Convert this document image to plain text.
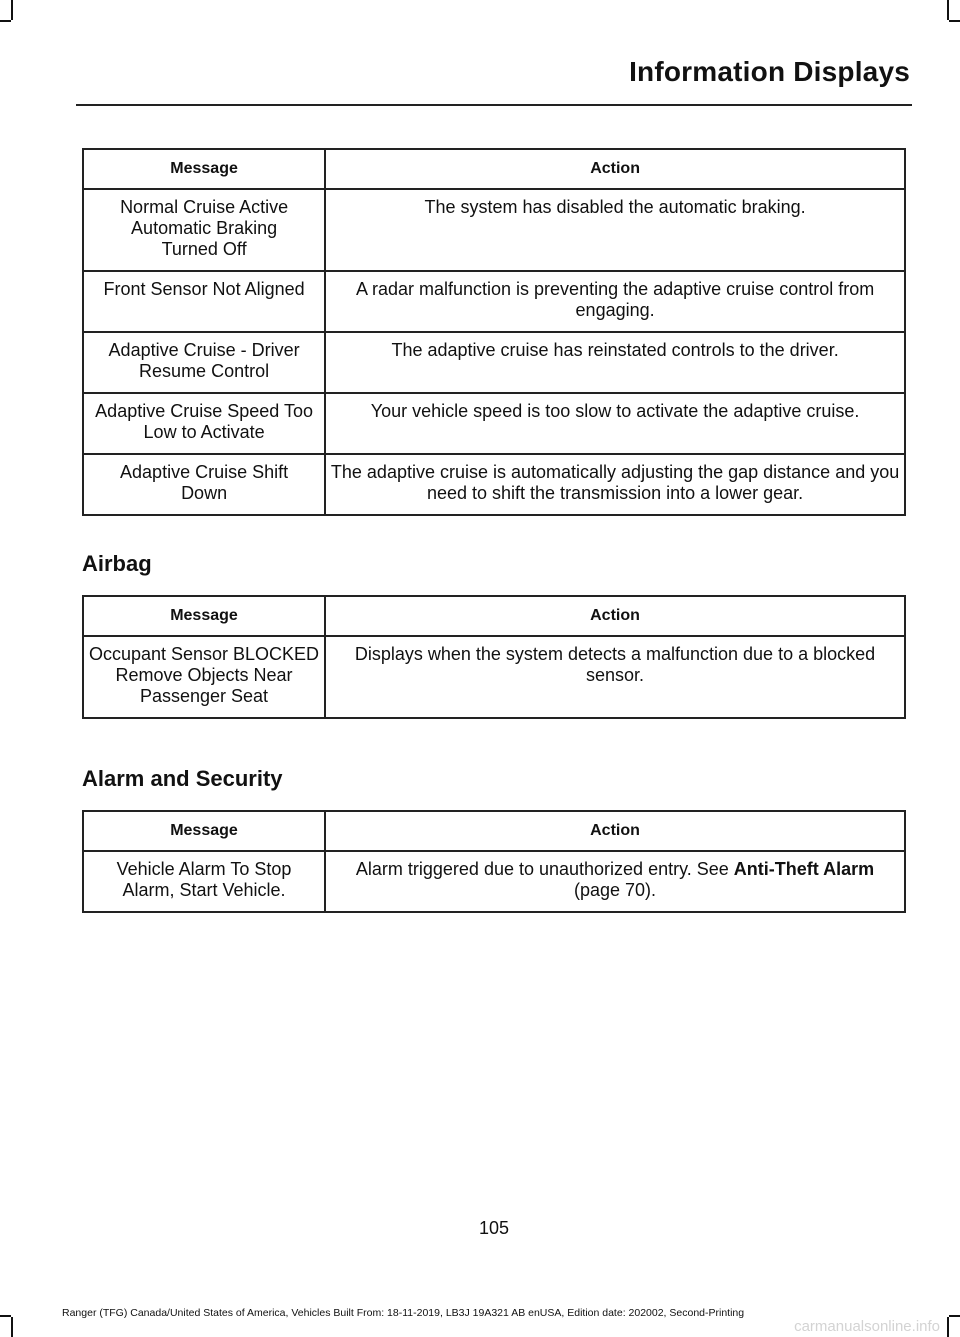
Information Displays
Message	Action
Normal Cruise Active Automatic Braking Turned Off	The system has disabled the automatic braking.
Front Sensor Not Aligned	A radar malfunction is preventing the adaptive cruise control from engaging.
Adaptive Cruise - Driver Resume Control	The adaptive cruise has reinstated controls to the driver.
Adaptive Cruise Speed Too Low to Activate	Your vehicle speed is too slow to activate the adaptive cruise.
Adaptive Cruise Shift Down	The adaptive cruise is automatically adjusting the gap distance and you need to shift the transmission into a lower gear.
Airbag
Message	Action
Occupant Sensor BLOCKED Remove Objects Near Passenger Seat	Displays when the system detects a malfunction due to a blocked sensor.
Alarm and Security
Message	Action
Vehicle Alarm To Stop Alarm, Start Vehicle.	Alarm triggered due to unauthorized entry. See Anti-Theft Alarm (page 70).
105
Ranger (TFG) Canada/United States of America, Vehicles Built From: 18-11-2019, LB3J 19A321 AB enUSA, Edition date: 202002, Second-Printing
carmanualsonline.info
